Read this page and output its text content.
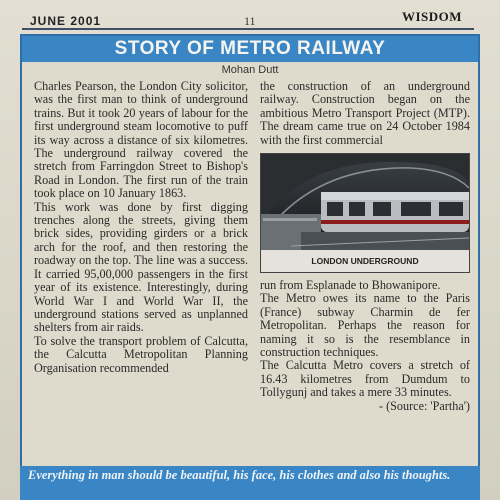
JUNE 2001	11	WISDOM
STORY OF METRO RAILWAY
Mohan Dutt

Charles Pearson, the London City solicitor, was the first man to think of underground trains. But it took 20 years of labour for the first underground steam locomotive to puff its way across a distance of six kilometres. The underground railway covered the stretch from Farringdon Street to Bishop's Road in London. The first run of the train took place on 10 January 1863.

This work was done by first digging trenches along the streets, giving them brick sides, providing girders or a brick arch for the roof, and then restoring the roadway on the top. The line was a success. It carried 95,00,000 passengers in the first year of its existence. Interestingly, during World War I and World War II, the underground stations served as unplanned shelters from air raids.

To solve the transport problem of Calcutta, the Calcutta Metropolitan Planning Organisation recommended

the construction of an underground railway. Construction began on the ambitious Metro Transport Project (MTP). The dream came true on 24 October 1984 with the first commercial

LONDON UNDERGROUND

run from Esplanade to Bhowanipore.

The Metro owes its name to the Paris (France) subway Charmin de fer Metropolitan. Perhaps the reason for naming it so is the resemblance in construction techniques.

The Calcutta Metro covers a stretch of 16.43 kilometres from Dumdum to Tollygunj and takes a mere 33 minutes.

- (Source: 'Partha')

Everything in man should be beautiful, his face, his clothes and also his thoughts.
